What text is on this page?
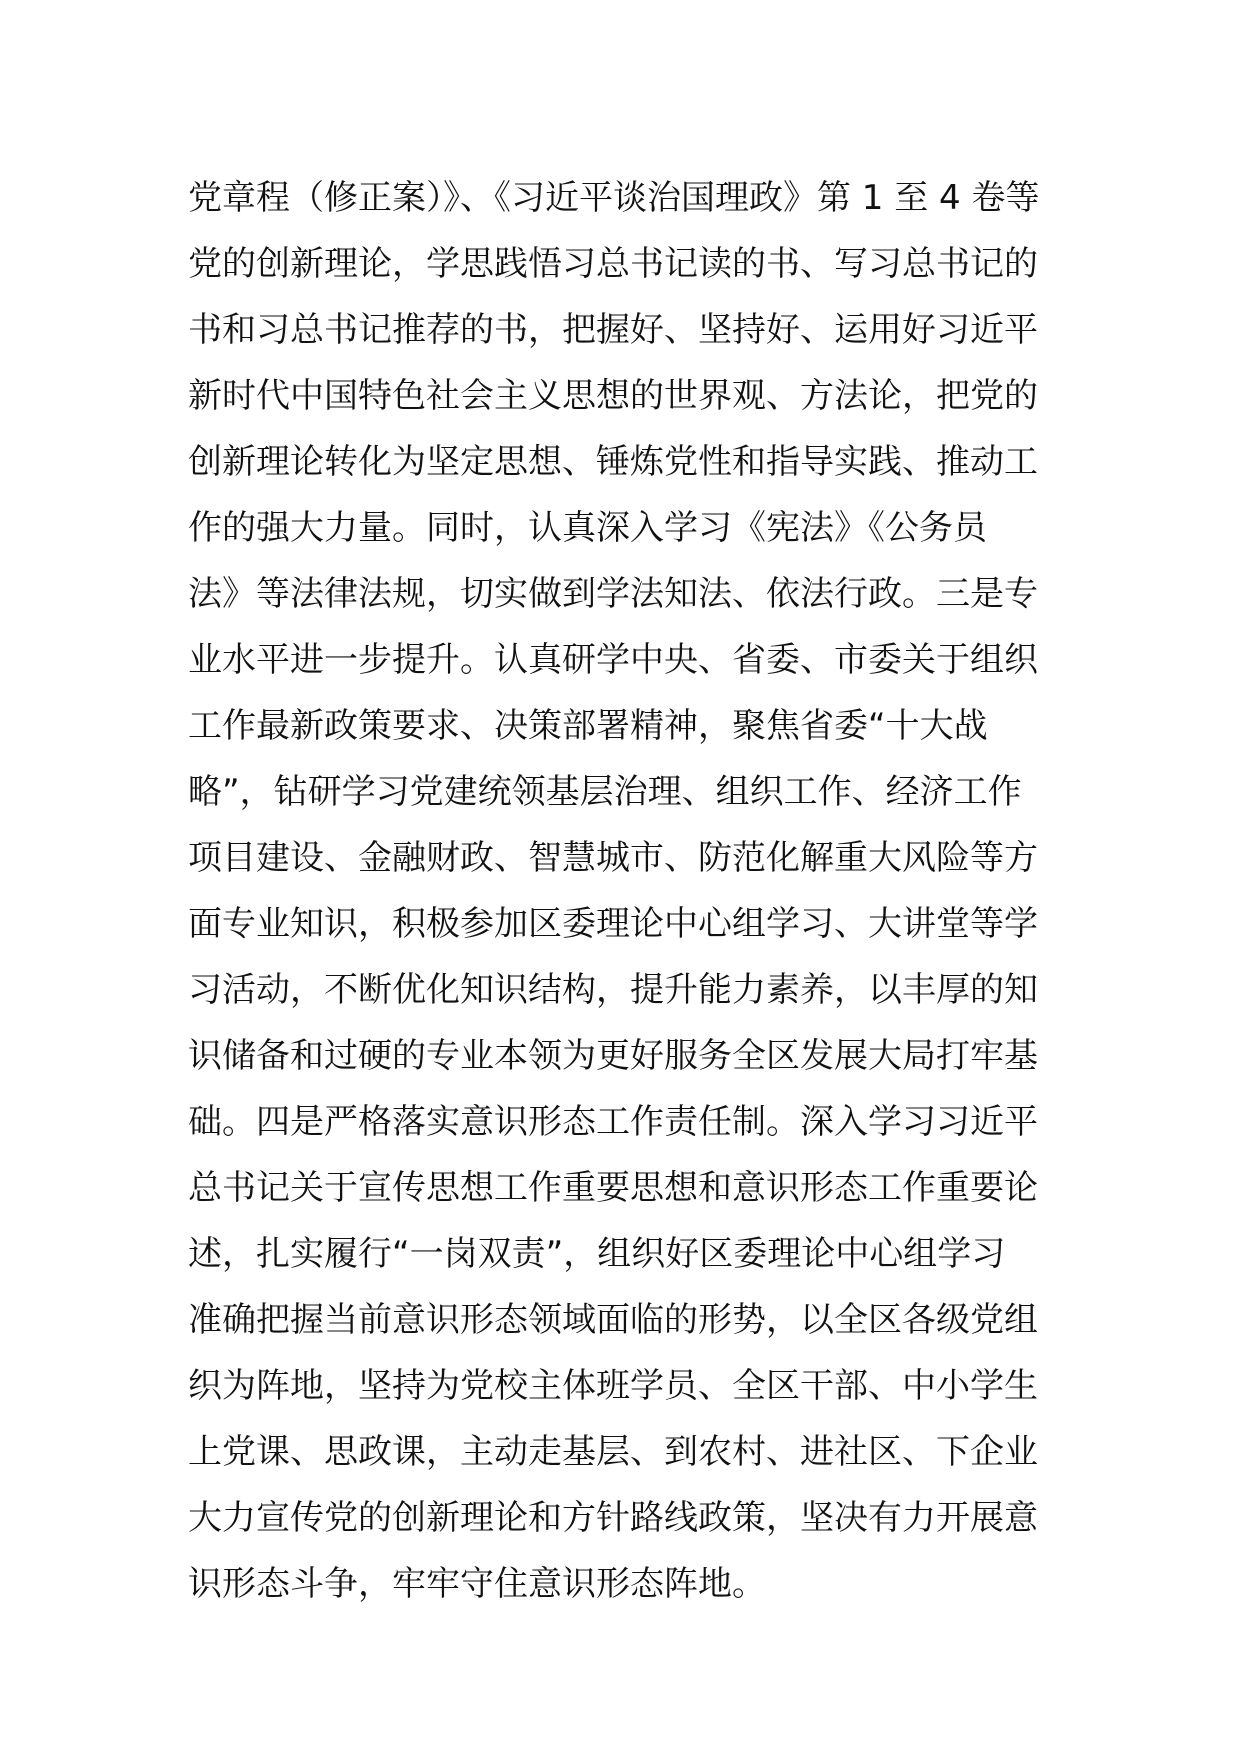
党章程（修正案）》、《习近平谈治国理政》第 1 至 4 卷等
党的创新理论，学思践悟习总书记读的书、写习总书记的
书和习总书记推荐的书，把握好、坚持好、运用好习近平
新时代中国特色社会主义思想的世界观、方法论，把党的
创新理论转化为坚定思想、锤炼党性和指导实践、推动工
作的强大力量。同时，认真深入学习《宪法》《公务员
法》等法律法规，切实做到学法知法、依法行政。三是专
业水平进一步提升。认真研学中央、省委、市委关于组织
工作最新政策要求、决策部署精神，聚焦省委“十大战
略”，钻研学习党建统领基层治理、组织工作、经济工作
项目建设、金融财政、智慧城市、防范化解重大风险等方
面专业知识，积极参加区委理论中心组学习、大讲堂等学
习活动，不断优化知识结构，提升能力素养，以丰厚的知
识储备和过硬的专业本领为更好服务全区发展大局打牢基
础。四是严格落实意识形态工作责任制。深入学习习近平
总书记关于宣传思想工作重要思想和意识形态工作重要论
述，扎实履行“一岗双责”，组织好区委理论中心组学习
准确把握当前意识形态领域面临的形势，以全区各级党组
织为阵地，坚持为党校主体班学员、全区干部、中小学生
上党课、思政课，主动走基层、到农村、进社区、下企业
大力宣传党的创新理论和方针路线政策，坚决有力开展意
识形态斗争，牢牢守住意识形态阵地。
